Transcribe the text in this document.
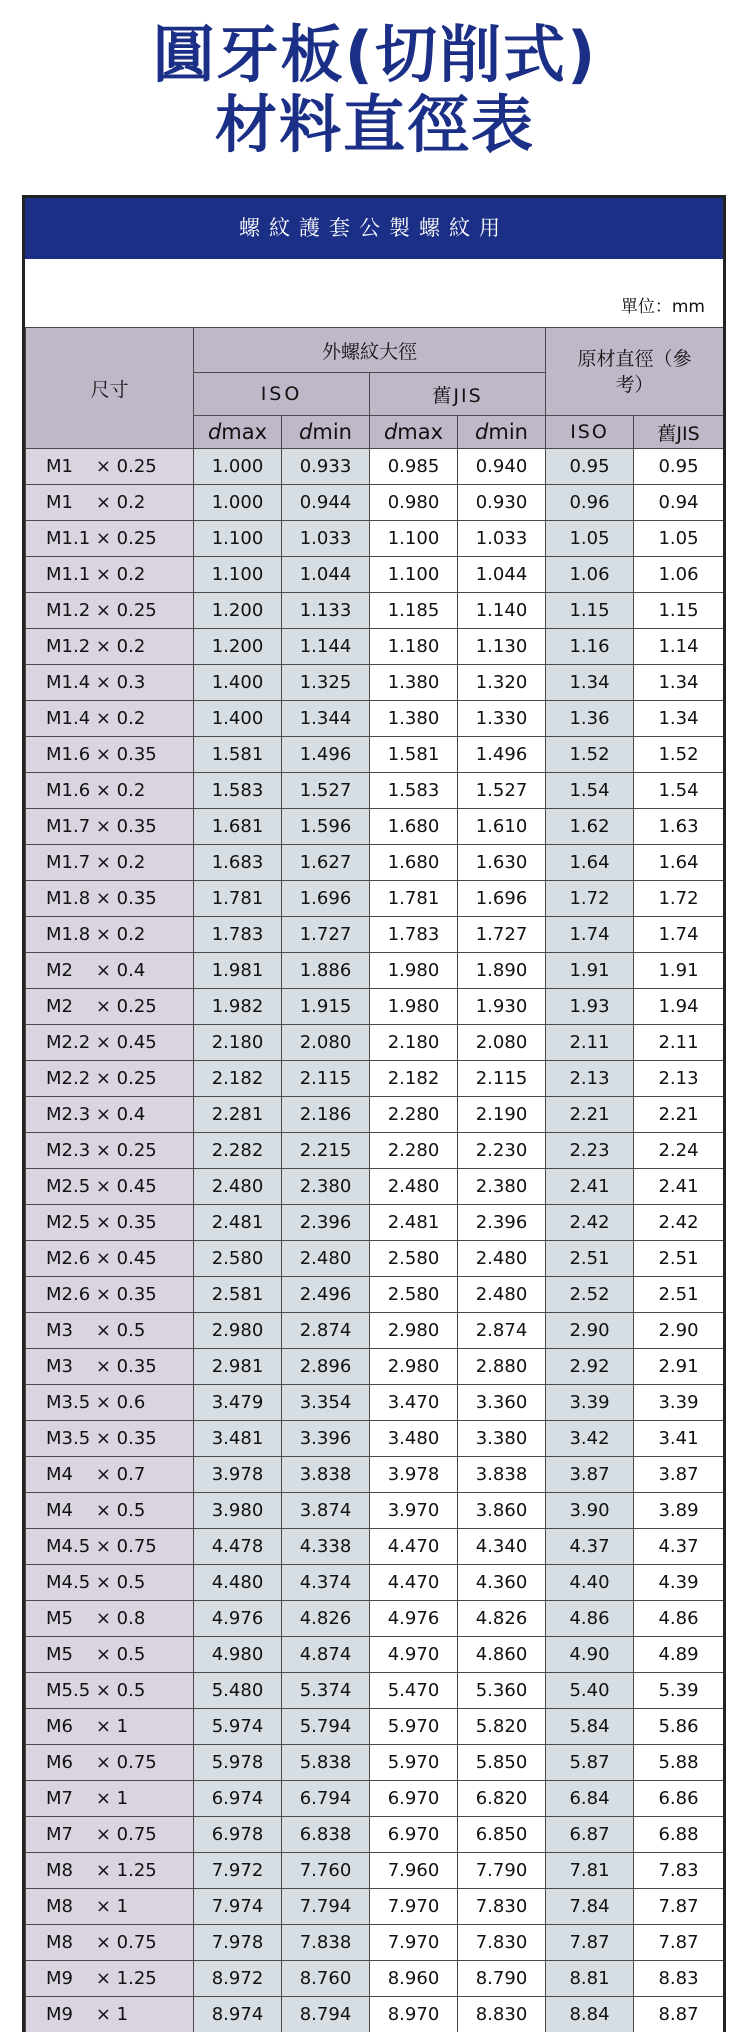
圓牙板(切削式)
材料直徑表
螺紋護套公製螺紋用
單位：mm
尺寸	外螺紋大徑				原材直徑（參考）	
	ISO		舊JIS			
	dmax	dmin	dmax	dmin	ISO	舊JIS
M1    × 0.25	1.000	0.933	0.985	0.940	0.95	0.95
M1    × 0.2	1.000	0.944	0.980	0.930	0.96	0.94
M1.1 × 0.25	1.100	1.033	1.100	1.033	1.05	1.05
M1.1 × 0.2	1.100	1.044	1.100	1.044	1.06	1.06
M1.2 × 0.25	1.200	1.133	1.185	1.140	1.15	1.15
M1.2 × 0.2	1.200	1.144	1.180	1.130	1.16	1.14
M1.4 × 0.3	1.400	1.325	1.380	1.320	1.34	1.34
M1.4 × 0.2	1.400	1.344	1.380	1.330	1.36	1.34
M1.6 × 0.35	1.581	1.496	1.581	1.496	1.52	1.52
M1.6 × 0.2	1.583	1.527	1.583	1.527	1.54	1.54
M1.7 × 0.35	1.681	1.596	1.680	1.610	1.62	1.63
M1.7 × 0.2	1.683	1.627	1.680	1.630	1.64	1.64
M1.8 × 0.35	1.781	1.696	1.781	1.696	1.72	1.72
M1.8 × 0.2	1.783	1.727	1.783	1.727	1.74	1.74
M2    × 0.4	1.981	1.886	1.980	1.890	1.91	1.91
M2    × 0.25	1.982	1.915	1.980	1.930	1.93	1.94
M2.2 × 0.45	2.180	2.080	2.180	2.080	2.11	2.11
M2.2 × 0.25	2.182	2.115	2.182	2.115	2.13	2.13
M2.3 × 0.4	2.281	2.186	2.280	2.190	2.21	2.21
M2.3 × 0.25	2.282	2.215	2.280	2.230	2.23	2.24
M2.5 × 0.45	2.480	2.380	2.480	2.380	2.41	2.41
M2.5 × 0.35	2.481	2.396	2.481	2.396	2.42	2.42
M2.6 × 0.45	2.580	2.480	2.580	2.480	2.51	2.51
M2.6 × 0.35	2.581	2.496	2.580	2.480	2.52	2.51
M3    × 0.5	2.980	2.874	2.980	2.874	2.90	2.90
M3    × 0.35	2.981	2.896	2.980	2.880	2.92	2.91
M3.5 × 0.6	3.479	3.354	3.470	3.360	3.39	3.39
M3.5 × 0.35	3.481	3.396	3.480	3.380	3.42	3.41
M4    × 0.7	3.978	3.838	3.978	3.838	3.87	3.87
M4    × 0.5	3.980	3.874	3.970	3.860	3.90	3.89
M4.5 × 0.75	4.478	4.338	4.470	4.340	4.37	4.37
M4.5 × 0.5	4.480	4.374	4.470	4.360	4.40	4.39
M5    × 0.8	4.976	4.826	4.976	4.826	4.86	4.86
M5    × 0.5	4.980	4.874	4.970	4.860	4.90	4.89
M5.5 × 0.5	5.480	5.374	5.470	5.360	5.40	5.39
M6    × 1	5.974	5.794	5.970	5.820	5.84	5.86
M6    × 0.75	5.978	5.838	5.970	5.850	5.87	5.88
M7    × 1	6.974	6.794	6.970	6.820	6.84	6.86
M7    × 0.75	6.978	6.838	6.970	6.850	6.87	6.88
M8    × 1.25	7.972	7.760	7.960	7.790	7.81	7.83
M8    × 1	7.974	7.794	7.970	7.830	7.84	7.87
M8    × 0.75	7.978	7.838	7.970	7.830	7.87	7.87
M9    × 1.25	8.972	8.760	8.960	8.790	8.81	8.83
M9    × 1	8.974	8.794	8.970	8.830	8.84	8.87
